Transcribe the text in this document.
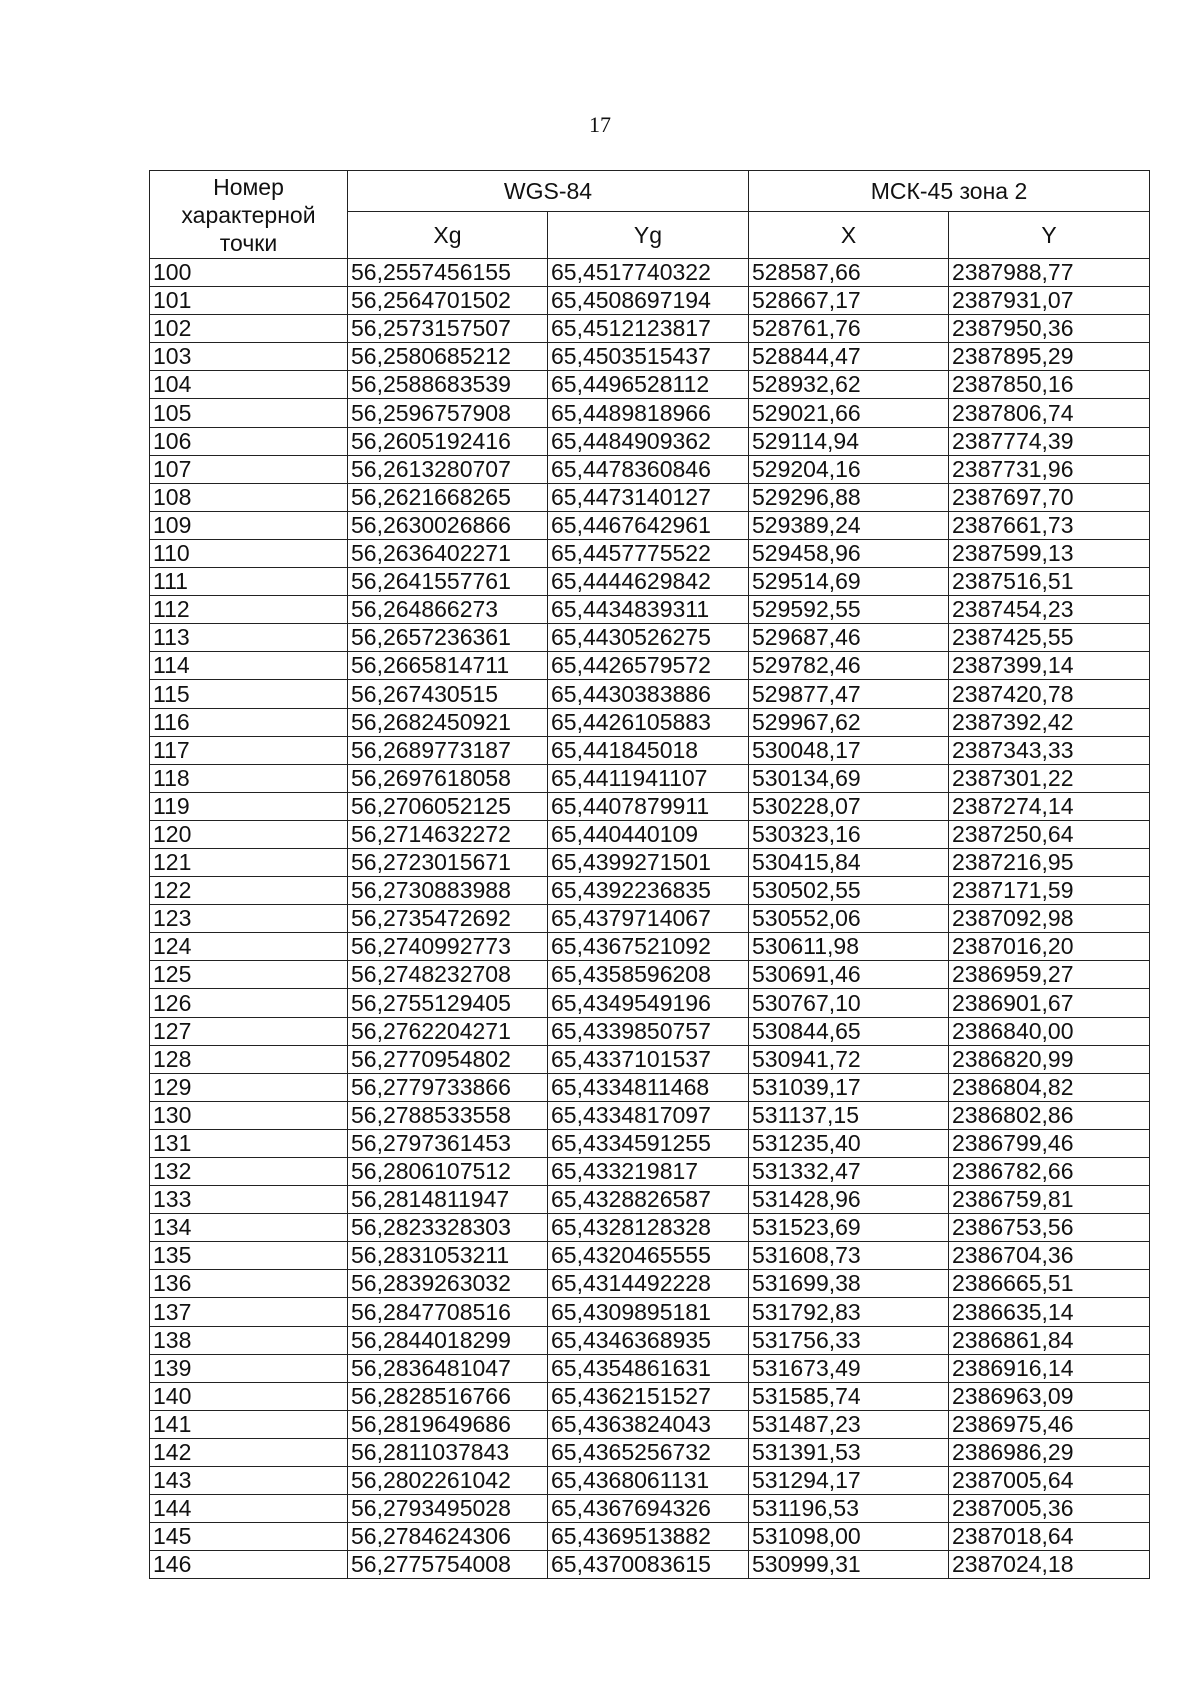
17
Номер характерной точки	WGS-84		МСК-45 зона 2	
	Xg	Yg	X	Y
100	56,2557456155	65,4517740322	528587,66	2387988,77
101	56,2564701502	65,4508697194	528667,17	2387931,07
102	56,2573157507	65,4512123817	528761,76	2387950,36
103	56,2580685212	65,4503515437	528844,47	2387895,29
104	56,2588683539	65,4496528112	528932,62	2387850,16
105	56,2596757908	65,4489818966	529021,66	2387806,74
106	56,2605192416	65,4484909362	529114,94	2387774,39
107	56,2613280707	65,4478360846	529204,16	2387731,96
108	56,2621668265	65,4473140127	529296,88	2387697,70
109	56,2630026866	65,4467642961	529389,24	2387661,73
110	56,2636402271	65,4457775522	529458,96	2387599,13
111	56,2641557761	65,4444629842	529514,69	2387516,51
112	56,264866273	65,4434839311	529592,55	2387454,23
113	56,2657236361	65,4430526275	529687,46	2387425,55
114	56,2665814711	65,4426579572	529782,46	2387399,14
115	56,267430515	65,4430383886	529877,47	2387420,78
116	56,2682450921	65,4426105883	529967,62	2387392,42
117	56,2689773187	65,441845018	530048,17	2387343,33
118	56,2697618058	65,4411941107	530134,69	2387301,22
119	56,2706052125	65,4407879911	530228,07	2387274,14
120	56,2714632272	65,440440109	530323,16	2387250,64
121	56,2723015671	65,4399271501	530415,84	2387216,95
122	56,2730883988	65,4392236835	530502,55	2387171,59
123	56,2735472692	65,4379714067	530552,06	2387092,98
124	56,2740992773	65,4367521092	530611,98	2387016,20
125	56,2748232708	65,4358596208	530691,46	2386959,27
126	56,2755129405	65,4349549196	530767,10	2386901,67
127	56,2762204271	65,4339850757	530844,65	2386840,00
128	56,2770954802	65,4337101537	530941,72	2386820,99
129	56,2779733866	65,4334811468	531039,17	2386804,82
130	56,2788533558	65,4334817097	531137,15	2386802,86
131	56,2797361453	65,4334591255	531235,40	2386799,46
132	56,2806107512	65,433219817	531332,47	2386782,66
133	56,2814811947	65,4328826587	531428,96	2386759,81
134	56,2823328303	65,4328128328	531523,69	2386753,56
135	56,2831053211	65,4320465555	531608,73	2386704,36
136	56,2839263032	65,4314492228	531699,38	2386665,51
137	56,2847708516	65,4309895181	531792,83	2386635,14
138	56,2844018299	65,4346368935	531756,33	2386861,84
139	56,2836481047	65,4354861631	531673,49	2386916,14
140	56,2828516766	65,4362151527	531585,74	2386963,09
141	56,2819649686	65,4363824043	531487,23	2386975,46
142	56,2811037843	65,4365256732	531391,53	2386986,29
143	56,2802261042	65,4368061131	531294,17	2387005,64
144	56,2793495028	65,4367694326	531196,53	2387005,36
145	56,2784624306	65,4369513882	531098,00	2387018,64
146	56,2775754008	65,4370083615	530999,31	2387024,18
